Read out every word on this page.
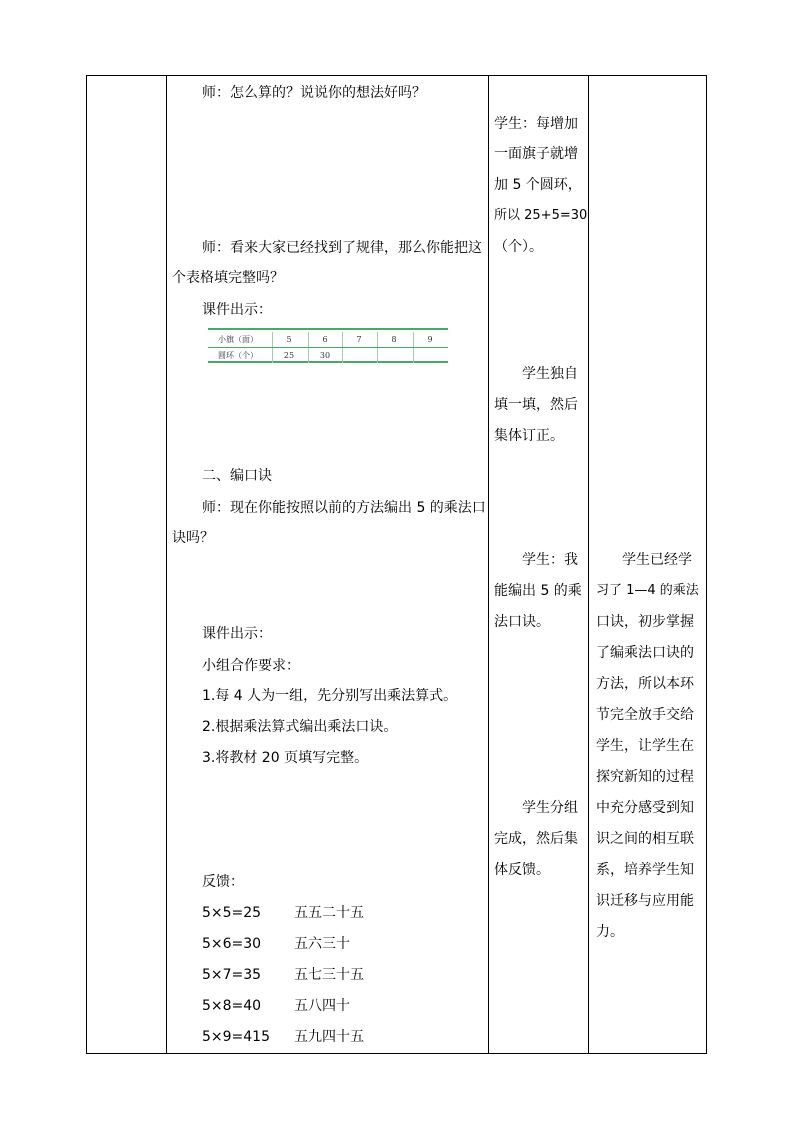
师：怎么算的？说说你的想法好吗？
师：看来大家已经找到了规律，那么你能把这
个表格填完整吗？
课件出示：
小旗（面）	5	6	7	8	9
圆环（个）	25	30
二、编口诀
师：现在你能按照以前的方法编出 5 的乘法口
诀吗？
课件出示：
小组合作要求：
1.每 4 人为一组，先分别写出乘法算式。
2.根据乘法算式编出乘法口诀。
3.将教材 20 页填写完整。
反馈：
5×5=25 五五二十五
5×6=30 五六三十
5×7=35 五七三十五
5×8=40 五八四十
5×9=415 五九四十五
学生：每增加
一面旗子就增
加 5 个圆环，
所以 25+5=30
（个）。
学生独自
填一填，然后
集体订正。
学生：我
能编出 5 的乘
法口诀。
学生分组
完成，然后集
体反馈。
学生已经学
习了 1—4 的乘法
口诀，初步掌握
了编乘法口诀的
方法，所以本环
节完全放手交给
学生，让学生在
探究新知的过程
中充分感受到知
识之间的相互联
系，培养学生知
识迁移与应用能
力。
